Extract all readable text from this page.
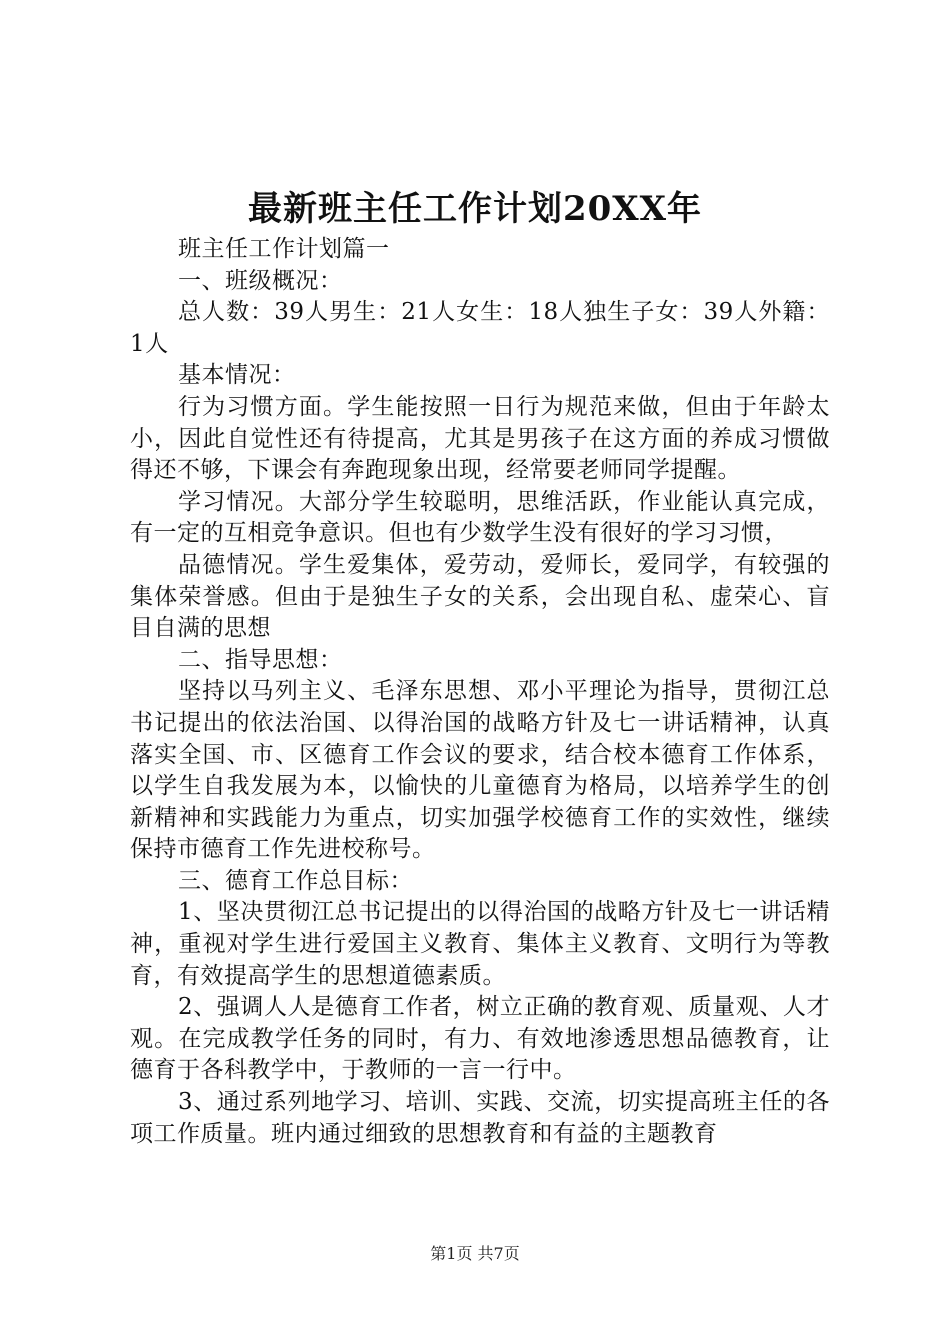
最新班主任工作计划20XX年

班主任工作计划篇一

一、班级概况：

总人数：39人男生：21人女生：18人独生子女：39人外籍：1人

基本情况：

行为习惯方面。学生能按照一日行为规范来做，但由于年龄太小，因此自觉性还有待提高，尤其是男孩子在这方面的养成习惯做得还不够，下课会有奔跑现象出现，经常要老师同学提醒。

学习情况。大部分学生较聪明，思维活跃，作业能认真完成，有一定的互相竞争意识。但也有少数学生没有很好的学习习惯，

品德情况。学生爱集体，爱劳动，爱师长，爱同学，有较强的集体荣誉感。但由于是独生子女的关系，会出现自私、虚荣心、盲目自满的思想

二、指导思想：

坚持以马列主义、毛泽东思想、邓小平理论为指导，贯彻江总书记提出的依法治国、以得治国的战略方针及七一讲话精神，认真落实全国、市、区德育工作会议的要求，结合校本德育工作体系，以学生自我发展为本，以愉快的儿童德育为格局，以培养学生的创新精神和实践能力为重点，切实加强学校德育工作的实效性，继续保持市德育工作先进校称号。

三、德育工作总目标：

1、坚决贯彻江总书记提出的以得治国的战略方针及七一讲话精神，重视对学生进行爱国主义教育、集体主义教育、文明行为等教育，有效提高学生的思想道德素质。

2、强调人人是德育工作者，树立正确的教育观、质量观、人才观。在完成教学任务的同时，有力、有效地渗透思想品德教育，让德育于各科教学中，于教师的一言一行中。

3、通过系列地学习、培训、实践、交流，切实提高班主任的各项工作质量。班内通过细致的思想教育和有益的主题教育

第1页 共7页
